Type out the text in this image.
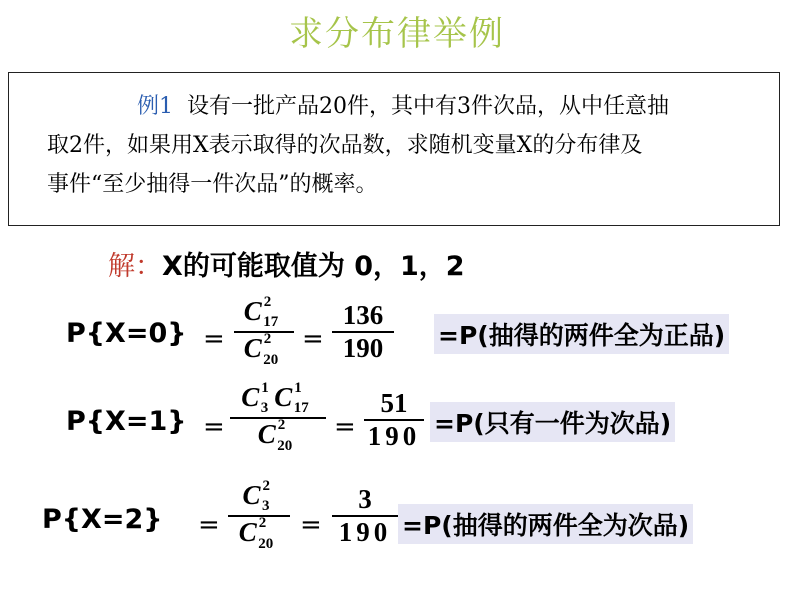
求分布律举例
例1 设有一批产品20件，其中有3件次品，从中任意抽
取2件，如果用X表示取得的次品数，求随机变量X的分布律及
事件“至少抽得一件次品”的概率。
解：X的可能取值为 0，1，2
P{X=0} =
C $^2_{17}$
C $^2_{20}$
=
136
190	=P(抽得的两件全为正品)
P{X=1} =
C $^1_3$ C $^1_{17}$
C $^2_{20}$
=
51
190 =P(只有一件为次品)
P{X=2} =
C $^2_3$
C $^2_{20}$
=
3
190 =P(抽得的两件全为次品)
